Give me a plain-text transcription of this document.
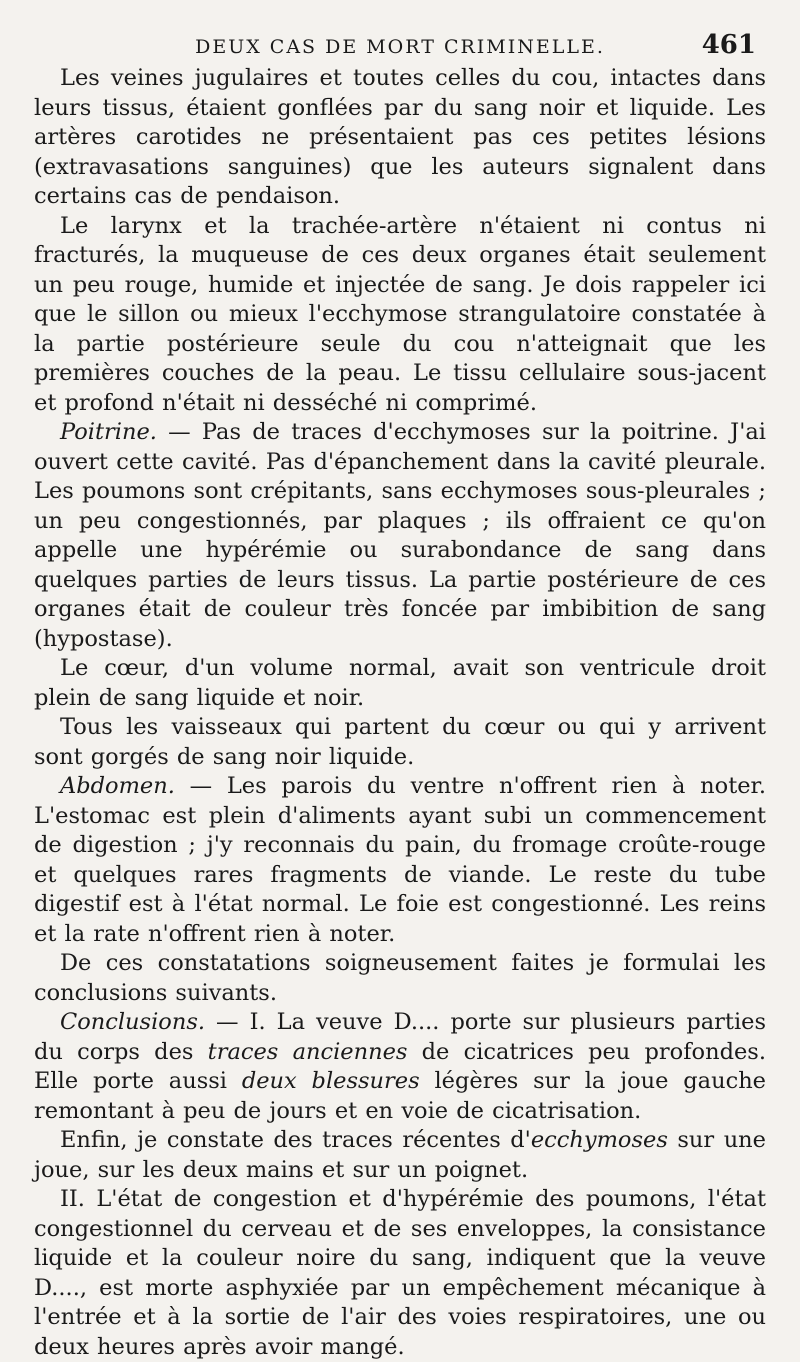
DEUX CAS DE MORT CRIMINELLE.	461

Les veines jugulaires et toutes celles du cou, intactes dans leurs tissus, étaient gonflées par du sang noir et liquide. Les artères carotides ne présentaient pas ces petites lésions (extravasations sanguines) que les auteurs signalent dans certains cas de pendaison.

Le larynx et la trachée-artère n'étaient ni contus ni fracturés, la muqueuse de ces deux organes était seulement un peu rouge, humide et injectée de sang. Je dois rappeler ici que le sillon ou mieux l'ecchymose strangulatoire constatée à la partie postérieure seule du cou n'atteignait que les premières couches de la peau. Le tissu cellulaire sous-jacent et profond n'était ni desséché ni comprimé.

Poitrine. — Pas de traces d'ecchymoses sur la poitrine. J'ai ouvert cette cavité. Pas d'épanchement dans la cavité pleurale. Les poumons sont crépitants, sans ecchymoses sous-pleurales ; un peu congestionnés, par plaques ; ils offraient ce qu'on appelle une hypérémie ou surabondance de sang dans quelques parties de leurs tissus. La partie postérieure de ces organes était de couleur très foncée par imbibition de sang (hypostase).

Le cœur, d'un volume normal, avait son ventricule droit plein de sang liquide et noir.

Tous les vaisseaux qui partent du cœur ou qui y arrivent sont gorgés de sang noir liquide.

Abdomen. — Les parois du ventre n'offrent rien à noter. L'estomac est plein d'aliments ayant subi un commencement de digestion ; j'y reconnais du pain, du fromage croûte-rouge et quelques rares fragments de viande. Le reste du tube digestif est à l'état normal. Le foie est congestionné. Les reins et la rate n'offrent rien à noter.

De ces constatations soigneusement faites je formulai les conclusions suivants.

Conclusions. — I. La veuve D.... porte sur plusieurs parties du corps des traces anciennes de cicatrices peu profondes. Elle porte aussi deux blessures légères sur la joue gauche remontant à peu de jours et en voie de cicatrisation.

Enfin, je constate des traces récentes d'ecchymoses sur une joue, sur les deux mains et sur un poignet.

II. L'état de congestion et d'hypérémie des poumons, l'état congestionnel du cerveau et de ses enveloppes, la consistance liquide et la couleur noire du sang, indiquent que la veuve D...., est morte asphyxiée par un empêchement mécanique à l'entrée et à la sortie de l'air des voies respiratoires, une ou deux heures après avoir mangé.
